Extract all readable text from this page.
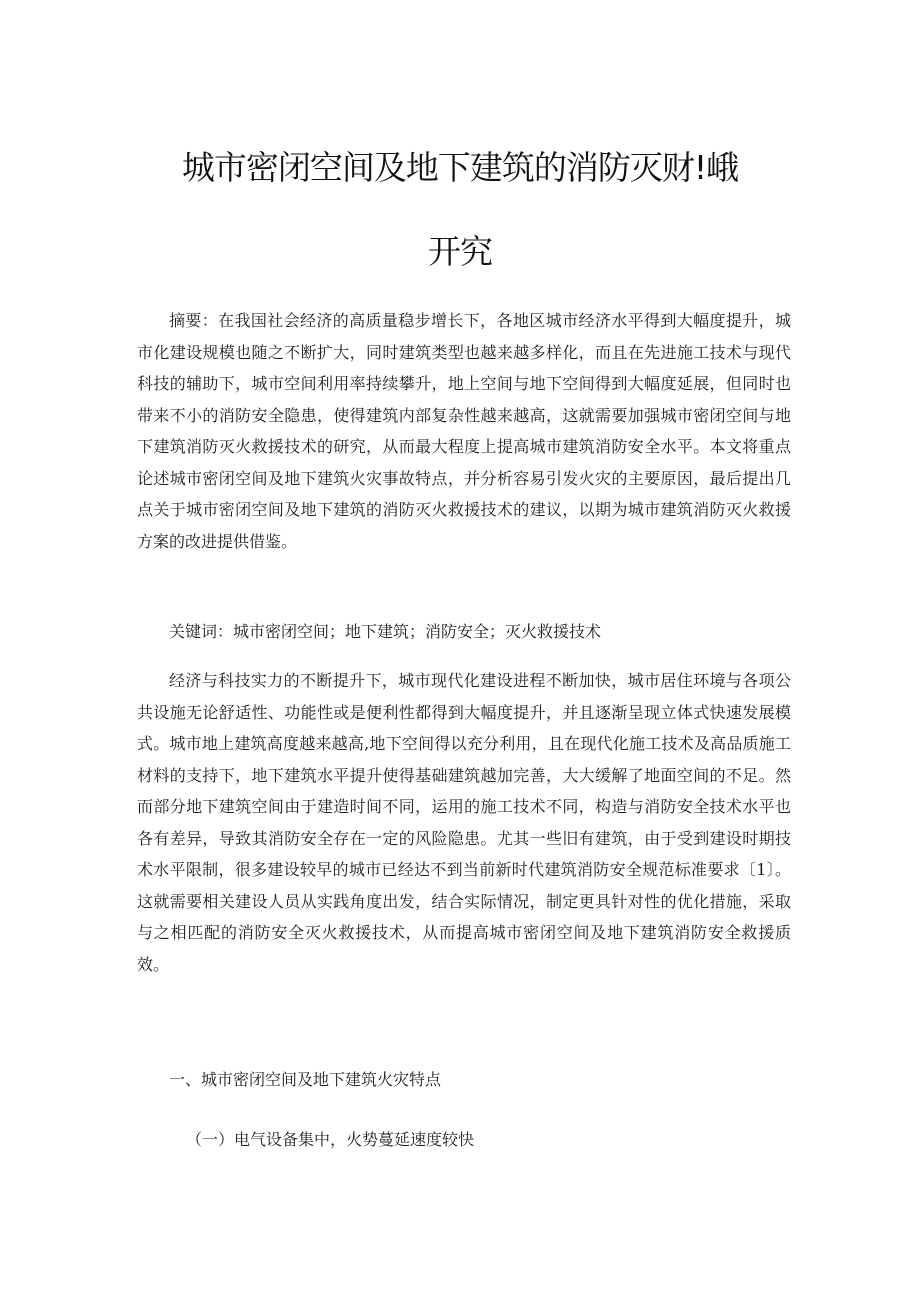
城市密闭空间及地下建筑的消防灭财!峨
开究

摘要：在我国社会经济的高质量稳步增长下，各地区城市经济水平得到大幅度提升，城市化建设规模也随之不断扩大，同时建筑类型也越来越多样化，而且在先进施工技术与现代科技的辅助下，城市空间利用率持续攀升，地上空间与地下空间得到大幅度延展，但同时也带来不小的消防安全隐患，使得建筑内部复杂性越来越高，这就需要加强城市密闭空间与地下建筑消防灭火救援技术的研究，从而最大程度上提高城市建筑消防安全水平。本文将重点论述城市密闭空间及地下建筑火灾事故特点，并分析容易引发火灾的主要原因，最后提出几点关于城市密闭空间及地下建筑的消防灭火救援技术的建议，以期为城市建筑消防灭火救援方案的改进提供借鉴。

关键词：城市密闭空间；地下建筑；消防安全；灭火救援技术

经济与科技实力的不断提升下，城市现代化建设进程不断加快，城市居住环境与各项公共设施无论舒适性、功能性或是便利性都得到大幅度提升，并且逐渐呈现立体式快速发展模式。城市地上建筑高度越来越高,地下空间得以充分利用，且在现代化施工技术及高品质施工材料的支持下，地下建筑水平提升使得基础建筑越加完善，大大缓解了地面空间的不足。然而部分地下建筑空间由于建造时间不同，运用的施工技术不同，构造与消防安全技术水平也各有差异，导致其消防安全存在一定的风险隐患。尤其一些旧有建筑，由于受到建设时期技术水平限制，很多建设较早的城市已经达不到当前新时代建筑消防安全规范标准要求〔1〕。这就需要相关建设人员从实践角度出发，结合实际情况，制定更具针对性的优化措施，采取与之相匹配的消防安全灭火救援技术，从而提高城市密闭空间及地下建筑消防安全救援质效。

一、城市密闭空间及地下建筑火灾特点

（一）电气设备集中，火势蔓延速度较快
